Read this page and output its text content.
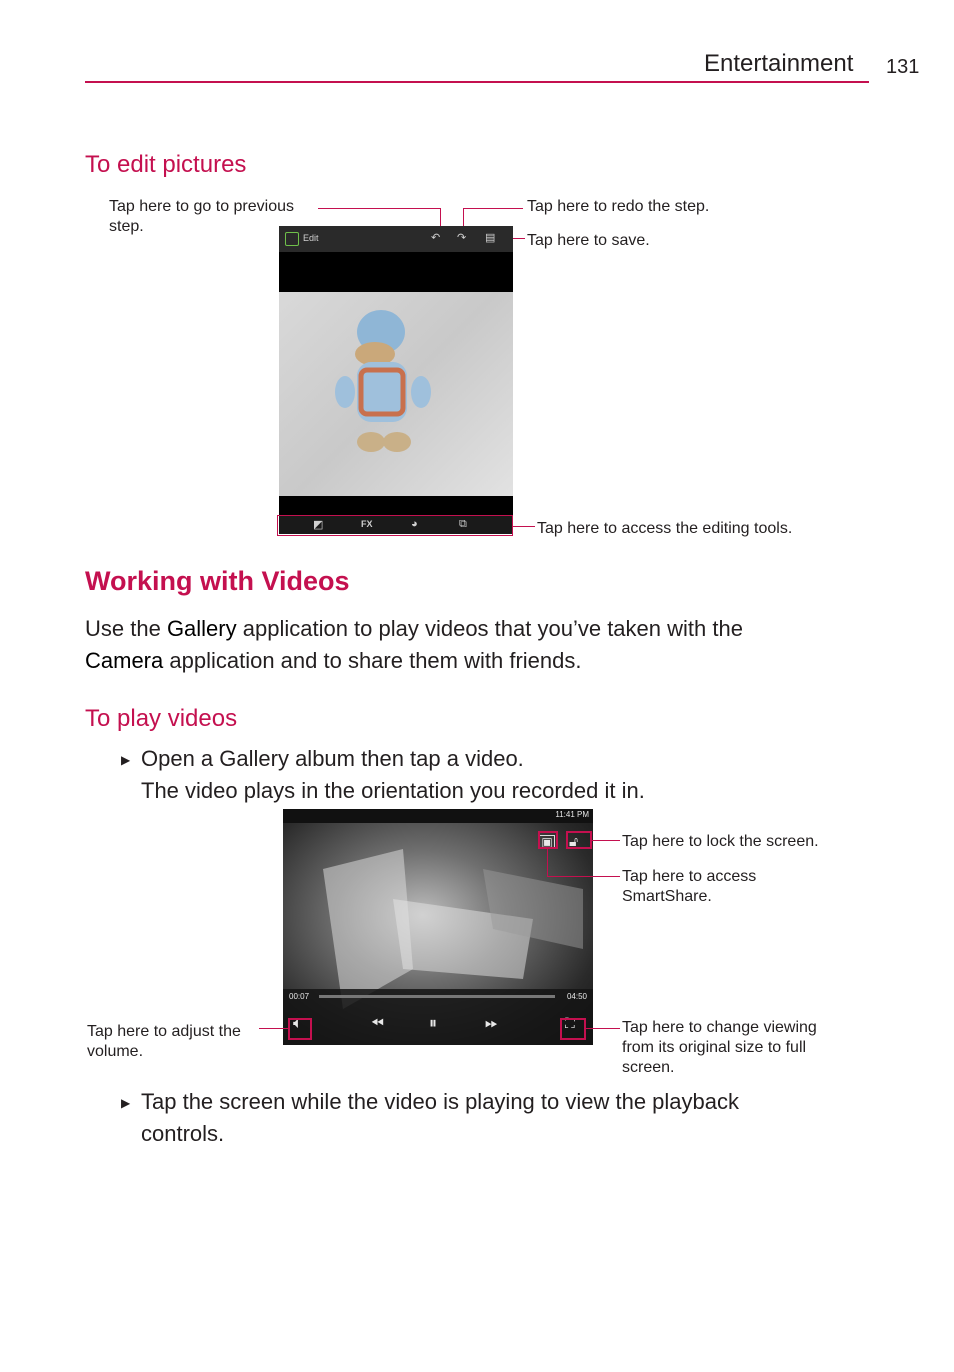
Entertainment 131
To edit pictures
Tap here to go to previous
step.
Tap here to redo the step.
Tap here to save.
Tap here to access the editing tools.
Edit	↶ ↷ ▤
◩	FX	◕	⧉
Working with Videos
Use the Gallery application to play videos that you’ve taken with the
Camera application and to share them with friends.
To play videos
▶ Open a Gallery album then tap a video.
The video plays in the orientation you recorded it in.
11:41 PM
▣ 🔓︎
00:07	04:50
🔈︎	⏪︎	⏸︎	⏩︎	⛶
Tap here to lock the screen.
Tap here to access
SmartShare.
Tap here to adjust the
volume.
Tap here to change viewing
from its original size to full
screen.
▶ Tap the screen while the video is playing to view the playback
controls.
